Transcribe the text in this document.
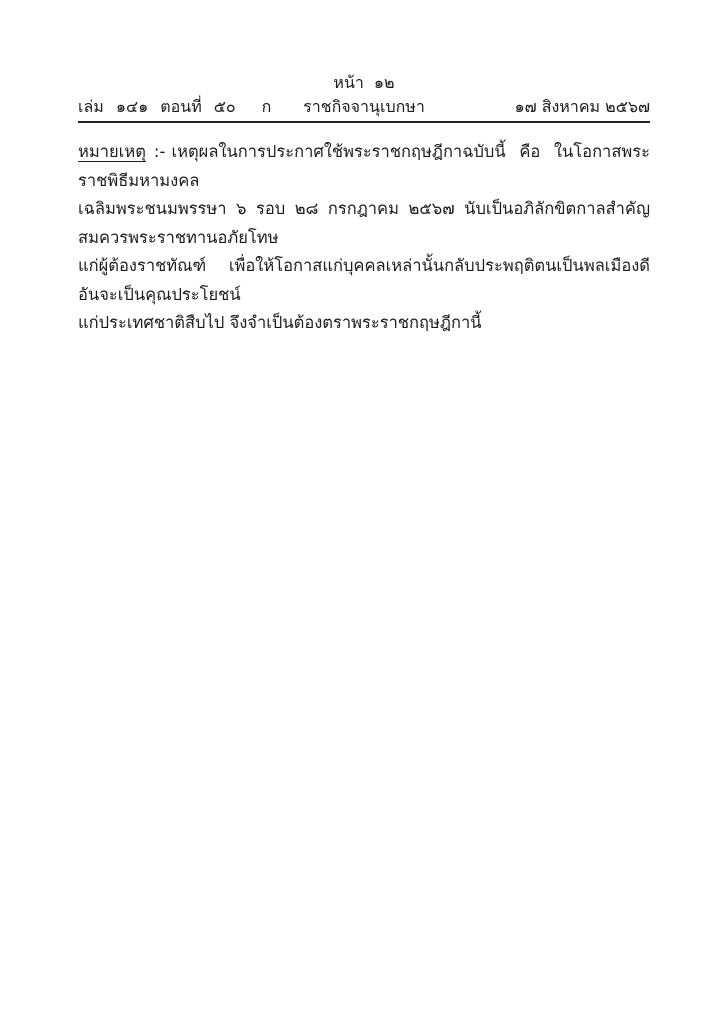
หน้า ๑๒
เล่ม ๑๔๑ ตอนที่ ๕๐ ก ราชกิจจานุเบกษา	๑๗ สิงหาคม ๒๕๖๗
หมายเหตุ :- เหตุผลในการประกาศใช้พระราชกฤษฎีกาฉบับนี้ คือ ในโอกาสพระราชพิธีมหามงคล
เฉลิมพระชนมพรรษา ๖ รอบ ๒๘ กรกฎาคม ๒๕๖๗ นับเป็นอภิลักขิตกาลสำคัญ สมควรพระราชทานอภัยโทษ
แก่ผู้ต้องราชทัณฑ์ เพื่อให้โอกาสแก่บุคคลเหล่านั้นกลับประพฤติตนเป็นพลเมืองดี อันจะเป็นคุณประโยชน์
แก่ประเทศชาติสืบไป จึงจำเป็นต้องตราพระราชกฤษฎีกานี้
